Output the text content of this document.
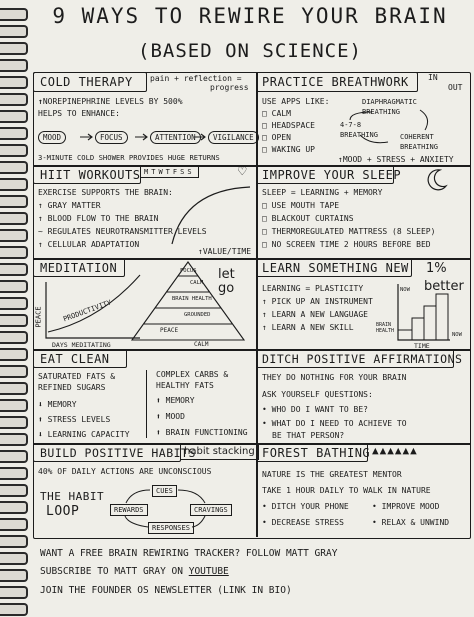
9 WAYS TO REWIRE YOUR BRAIN
(BASED ON SCIENCE)
COLD THERAPY pain + reflection =
progress
↑ NOREPINEPHRINE LEVELS BY 500%
HELPS TO ENHANCE:
MOOD	FOCUS	ATTENTION	VIGILANCE
3-MINUTE COLD SHOWER PROVIDES HUGE RETURNS
PRACTICE BREATHWORK IN
OUT
USE APPS LIKE:
□ CALM
□ HEADSPACE
□ OPEN
□ WAKING UP
DIAPHRAGMATIC BREATHING
4-7-8 BREATHING	COHERENT BREATHING
↑MOOD + STRESS + ANXIETY
HIIT WORKOUTS MTWTFSS	♡
EXERCISE SUPPORTS THE BRAIN:
↑ GRAY MATTER
↑ BLOOD FLOW TO THE BRAIN
~ REGULATES NEUROTRANSMITTER LEVELS
↑ CELLULAR ADAPTATION
↑VALUE/TIME
IMPROVE YOUR SLEEP
SLEEP = LEARNING + MEMORY
□ USE MOUTH TAPE
□ BLACKOUT CURTAINS
□ THERMOREGULATED MATTRESS (8 SLEEP)
□ NO SCREEN TIME 2 HOURS BEFORE BED
MEDITATION
PEACE	PRODUCTIVITY
DAYS MEDITATING
FOCUS
CALM
BRAIN HEALTH
GROUNDED
PEACE
CALM
let go
LEARN SOMETHING NEW 1%
better
LEARNING = PLASTICITY
↑ PICK UP AN INSTRUMENT
↑ LEARN A NEW LANGUAGE
↑ LEARN A NEW SKILL
NOW
NOW
TIME
BRAIN HEALTH
EAT CLEAN
SATURATED FATS &
REFINED SUGARS
⬇ MEMORY
⬆ STRESS LEVELS
⬇ LEARNING CAPACITY
COMPLEX CARBS &
HEALTHY FATS
⬆ MEMORY
⬆ MOOD
⬆ BRAIN FUNCTIONING
DITCH POSITIVE AFFIRMATIONS
THEY DO NOTHING FOR YOUR BRAIN
ASK YOURSELF QUESTIONS:
• WHO DO I WANT TO BE?
• WHAT DO I NEED TO ACHIEVE TO
BE THAT PERSON?
BUILD POSITIVE HABITS
habit stacking
40% OF DAILY ACTIONS ARE UNCONSCIOUS
THE HABIT
LOOP
CUES
REWARDS	CRAVINGS
RESPONSES
FOREST BATHING ▲▲▲▲▲▲
NATURE IS THE GREATEST MENTOR
TAKE 1 HOUR DAILY TO WALK IN NATURE
• DITCH YOUR PHONE	• IMPROVE MOOD
• DECREASE STRESS	• RELAX & UNWIND
WANT A FREE BRAIN REWIRING TRACKER? FOLLOW MATT GRAY
SUBSCRIBE TO MATT GRAY ON YOUTUBE
JOIN THE FOUNDER OS NEWSLETTER (LINK IN BIO)
